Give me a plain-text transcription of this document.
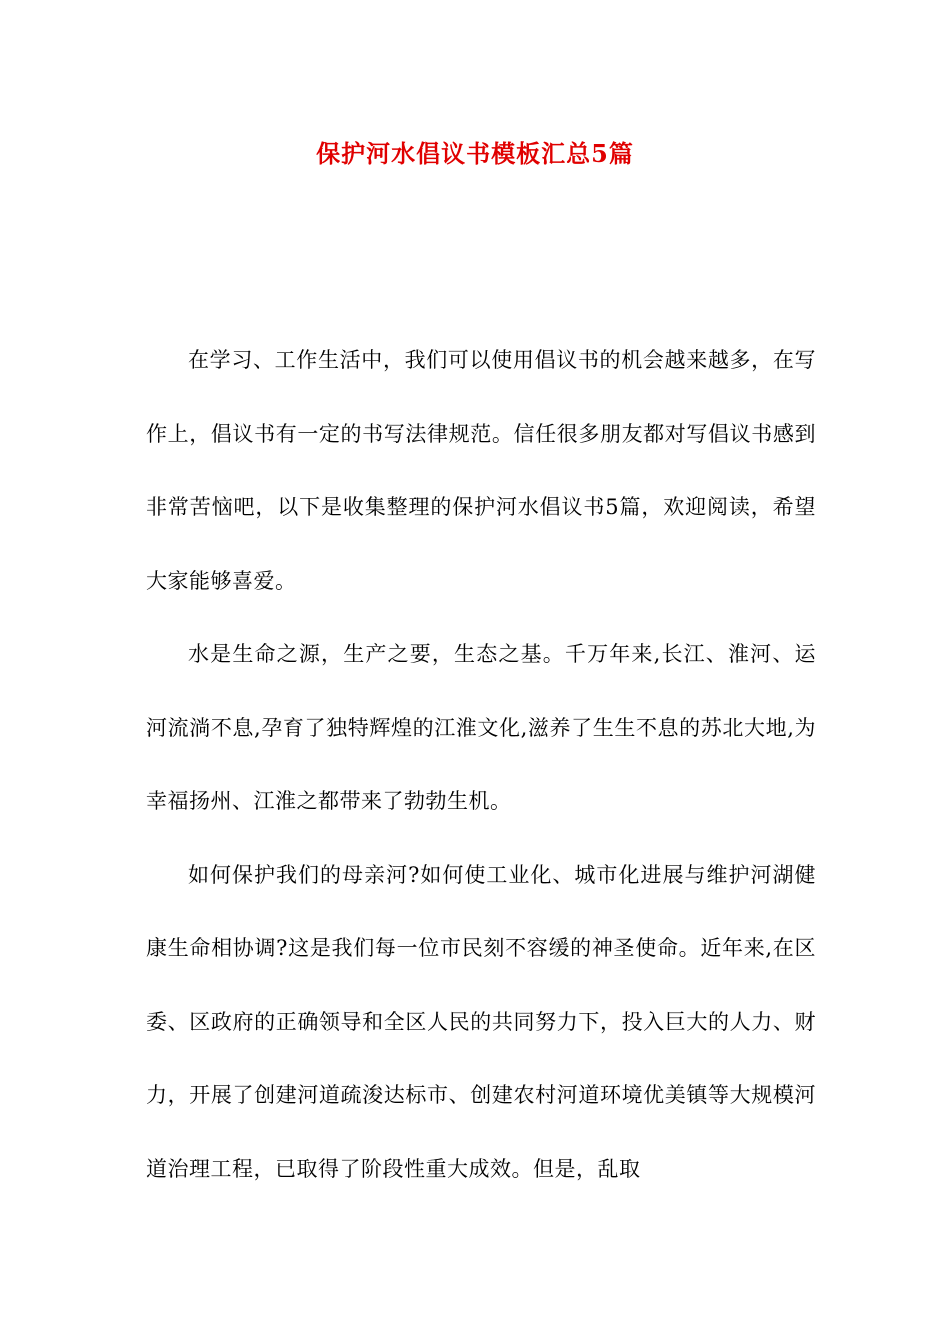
保护河水倡议书模板汇总5篇

在学习、工作生活中，我们可以使用倡议书的机会越来越多，在写作上，倡议书有一定的书写法律规范。信任很多朋友都对写倡议书感到非常苦恼吧，以下是收集整理的保护河水倡议书5篇，欢迎阅读，希望大家能够喜爱。

水是生命之源，生产之要，生态之基。千万年来,长江、淮河、运河流淌不息,孕育了独特辉煌的江淮文化,滋养了生生不息的苏北大地,为幸福扬州、江淮之都带来了勃勃生机。

如何保护我们的母亲河?如何使工业化、城市化进展与维护河湖健康生命相协调?这是我们每一位市民刻不容缓的神圣使命。近年来,在区委、区政府的正确领导和全区人民的共同努力下，投入巨大的人力、财力，开展了创建河道疏浚达标市、创建农村河道环境优美镇等大规模河道治理工程，已取得了阶段性重大成效。但是，乱取
